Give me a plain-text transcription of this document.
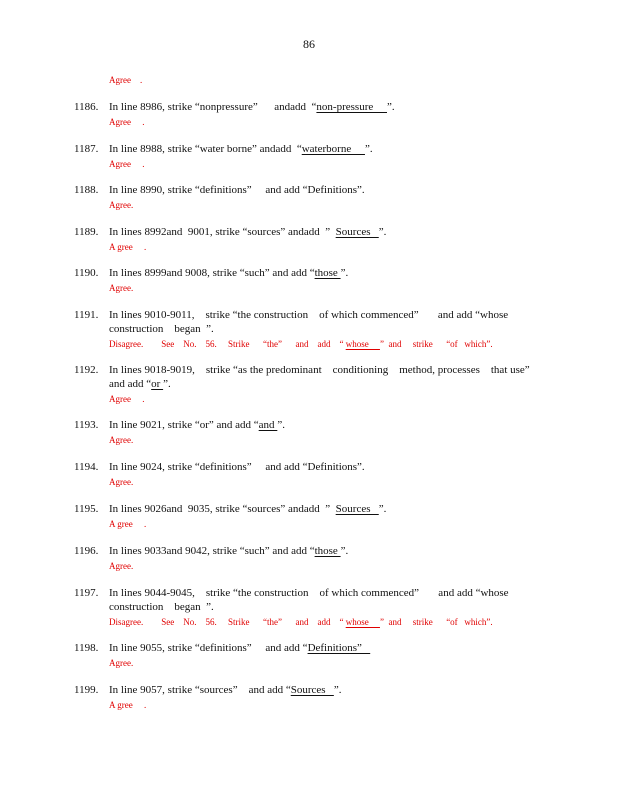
86
Agree    .
1186. In line 8986, strike “nonpressure”      andadd  “non-pressure     ”.
Agree     .
1187. In line 8988, strike “water borne” andadd  “waterborne     ”.
Agree     .
1188. In line 8990, strike “definitions”     and add “Definitions”.
Agree.
1189. In lines 8992and  9001, strike “sources” andadd  ”  Sources   ”.
A gree     .
1190. In lines 8999and 9008, strike “such” and add “those ”.
Agree.
1191. In lines 9010-9011,    strike “the construction    of which commenced”       and add “whose
construction    began  ”.
Disagree.        See    No.    56.     Strike      “the”      and    add    “ whose     ”  and     strike      “of   which”.
1192. In lines 9018-9019,    strike “as the predominant    conditioning    method, processes    that use”
and add “or ”.
Agree     .
1193. In line 9021, strike “or” and add “and ”.
Agree.
1194. In line 9024, strike “definitions”     and add “Definitions”.
Agree.
1195. In lines 9026and  9035, strike “sources” andadd  ”  Sources   ”.
A gree     .
1196. In lines 9033and 9042, strike “such” and add “those ”.
Agree.
1197. In lines 9044-9045,    strike “the construction    of which commenced”       and add “whose
construction    began  ”.
Disagree.        See    No.    56.     Strike      “the”      and    add    “ whose     ”  and     strike      “of   which”.
1198. In line 9055, strike “definitions”     and add “Definitions”
Agree.
1199. In line 9057, strike “sources”    and add “Sources   ”.
A gree     .
